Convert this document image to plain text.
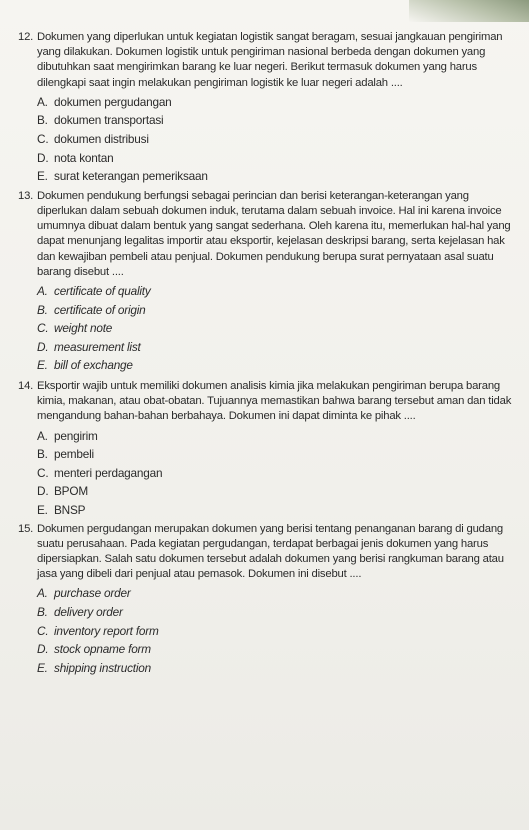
12. Dokumen yang diperlukan untuk kegiatan logistik sangat beragam, sesuai jangkauan pengiriman yang dilakukan. Dokumen logistik untuk pengiriman nasional berbeda dengan dokumen yang dibutuhkan saat mengirimkan barang ke luar negeri. Berikut termasuk dokumen yang harus dilengkapi saat ingin melakukan pengiriman logistik ke luar negeri adalah ....

A. dokumen pergudangan
B. dokumen transportasi
C. dokumen distribusi
D. nota kontan
E. surat keterangan pemeriksaan
13. Dokumen pendukung berfungsi sebagai perincian dan berisi keterangan-keterangan yang diperlukan dalam sebuah dokumen induk, terutama dalam sebuah invoice. Hal ini karena invoice umumnya dibuat dalam bentuk yang sangat sederhana. Oleh karena itu, memerlukan hal-hal yang dapat menunjang legalitas importir atau eksportir, kejelasan deskripsi barang, serta kejelasan hak dan kewajiban pembeli atau penjual. Dokumen pendukung berupa surat pernyataan asal suatu barang disebut ....

A. certificate of quality
B. certificate of origin
C. weight note
D. measurement list
E. bill of exchange
14. Eksportir wajib untuk memiliki dokumen analisis kimia jika melakukan pengiriman berupa barang kimia, makanan, atau obat-obatan. Tujuannya memastikan bahwa barang tersebut aman dan tidak mengandung bahan-bahan berbahaya. Dokumen ini dapat diminta ke pihak ....

A. pengirim
B. pembeli
C. menteri perdagangan
D. BPOM
E. BNSP
15. Dokumen pergudangan merupakan dokumen yang berisi tentang penanganan barang di gudang suatu perusahaan. Pada kegiatan pergudangan, terdapat berbagai jenis dokumen yang harus dipersiapkan. Salah satu dokumen tersebut adalah dokumen yang berisi rangkuman barang atau jasa yang dibeli dari penjual atau pemasok. Dokumen ini disebut ....

A. purchase order
B. delivery order
C. inventory report form
D. stock opname form
E. shipping instruction
